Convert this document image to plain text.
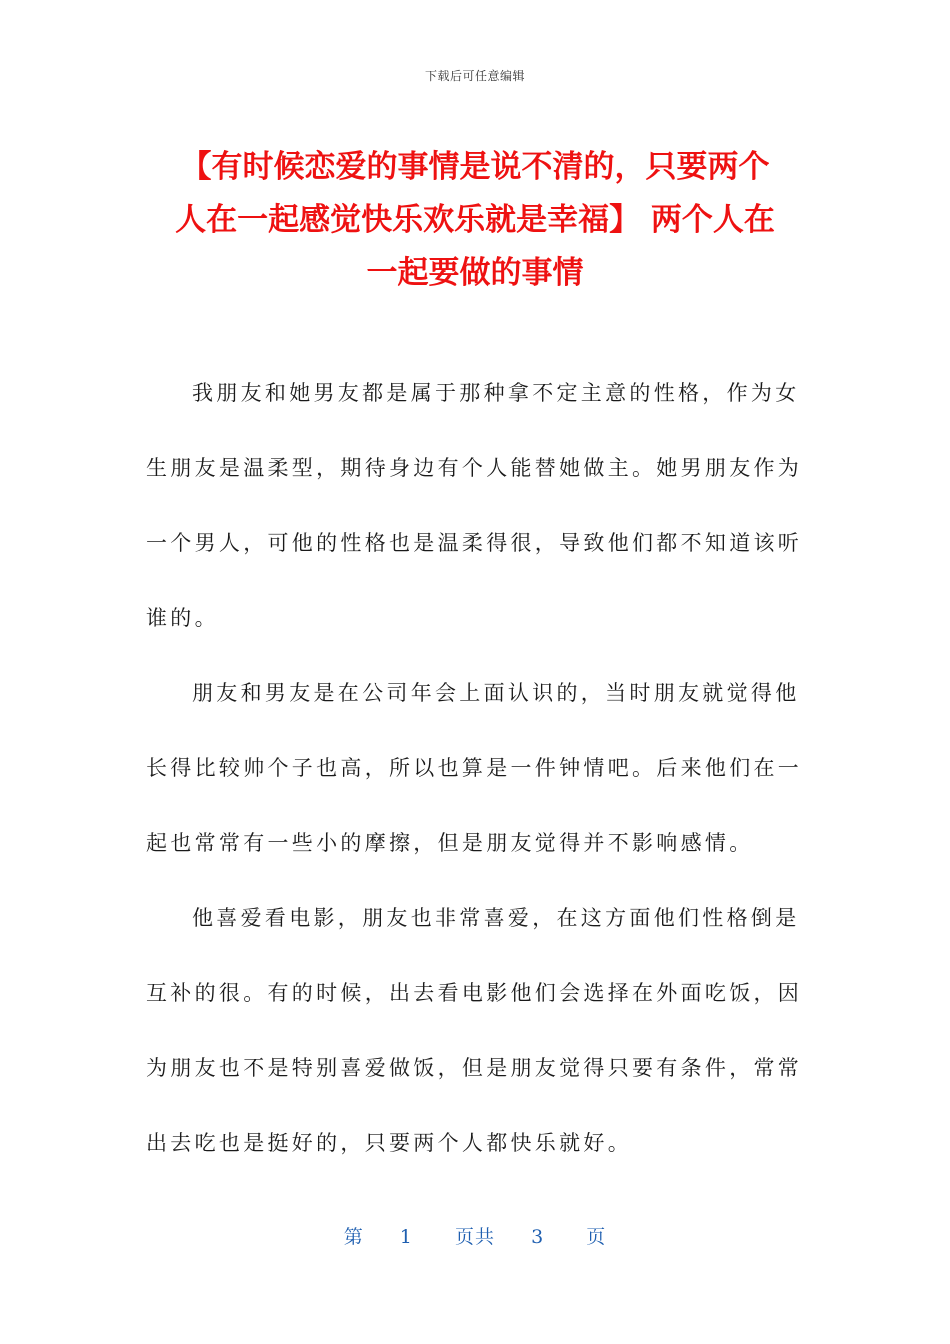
下载后可任意编辑
【有时候恋爱的事情是说不清的，只要两个
人在一起感觉快乐欢乐就是幸福】 两个人在
一起要做的事情
我朋友和她男友都是属于那种拿不定主意的性格，作为女
生朋友是温柔型，期待身边有个人能替她做主。她男朋友作为
一个男人，可他的性格也是温柔得很，导致他们都不知道该听
谁的。
朋友和男友是在公司年会上面认识的，当时朋友就觉得他
长得比较帅个子也高，所以也算是一件钟情吧。后来他们在一
起也常常有一些小的摩擦，但是朋友觉得并不影响感情。
他喜爱看电影，朋友也非常喜爱，在这方面他们性格倒是
互补的很。有的时候，出去看电影他们会选择在外面吃饭，因
为朋友也不是特别喜爱做饭，但是朋友觉得只要有条件，常常
出去吃也是挺好的，只要两个人都快乐就好。
第 1 页共 3 页
